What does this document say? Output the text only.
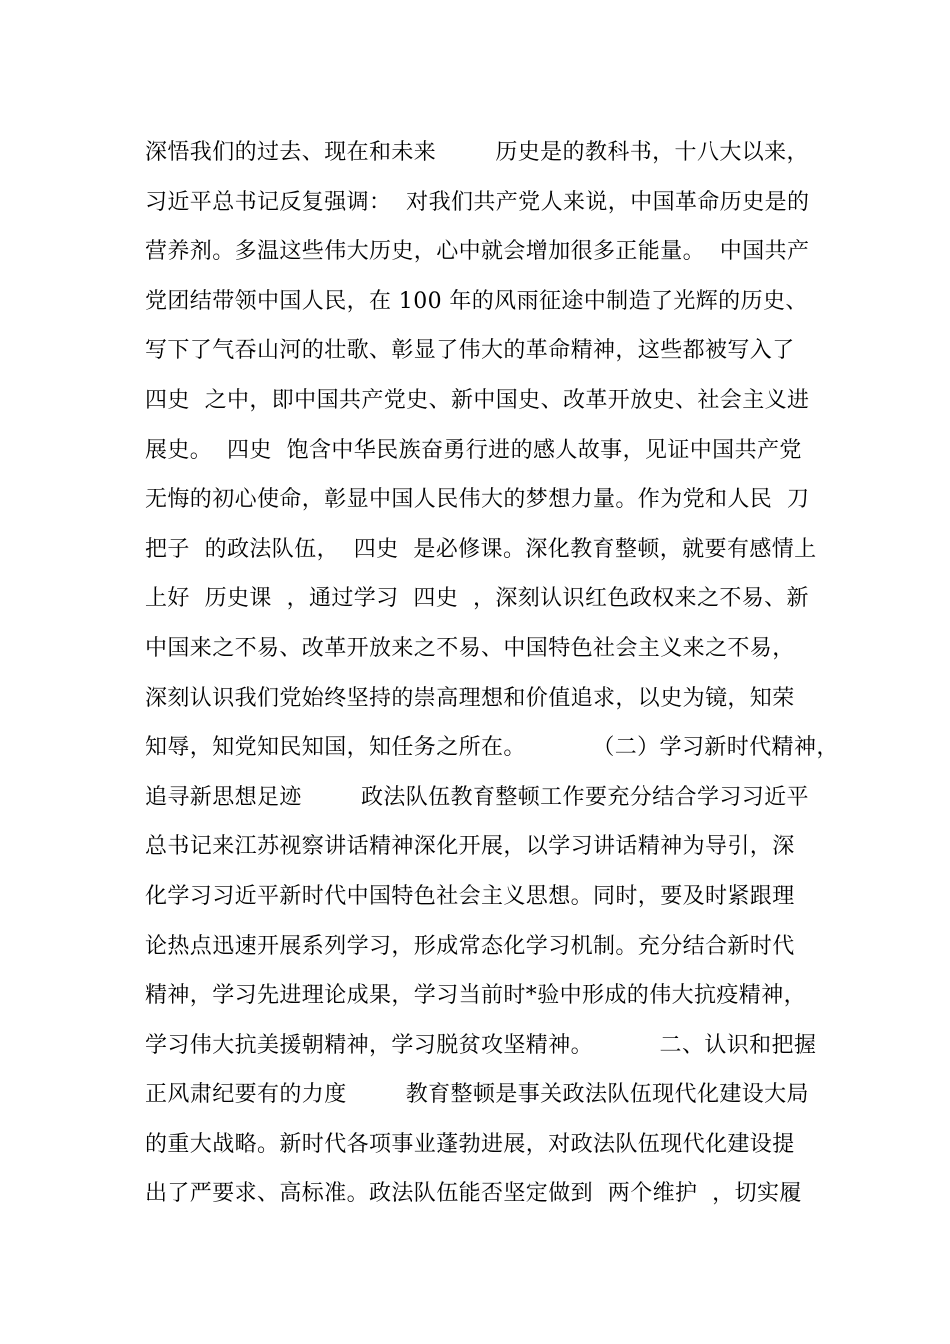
深悟我们的过去、现在和未来        历史是的教科书，十八大以来，
习近平总书记反复强调：  对我们共产党人来说，中国革命历史是的
营养剂。多温这些伟大历史，心中就会增加很多正能量。  中国共产
党团结带领中国人民，在 100 年的风雨征途中制造了光辉的历史、
写下了气吞山河的壮歌、彰显了伟大的革命精神，这些都被写入了
四史  之中，即中国共产党史、新中国史、改革开放史、社会主义进
展史。  四史  饱含中华民族奋勇行进的感人故事，见证中国共产党
无悔的初心使命，彰显中国人民伟大的梦想力量。作为党和人民  刀
把子  的政法队伍，  四史  是必修课。深化教育整顿，就要有感情上
上好  历史课  ，通过学习  四史  ，深刻认识红色政权来之不易、新
中国来之不易、改革开放来之不易、中国特色社会主义来之不易，
深刻认识我们党始终坚持的崇高理想和价值追求，以史为镜，知荣
知辱，知党知民知国，知任务之所在。         （二）学习新时代精神，
追寻新思想足迹        政法队伍教育整顿工作要充分结合学习习近平
总书记来江苏视察讲话精神深化开展，以学习讲话精神为导引，深
化学习习近平新时代中国特色社会主义思想。同时，要及时紧跟理
论热点迅速开展系列学习，形成常态化学习机制。充分结合新时代
精神，学习先进理论成果，学习当前时*验中形成的伟大抗疫精神，
学习伟大抗美援朝精神，学习脱贫攻坚精神。         二、认识和把握
正风肃纪要有的力度        教育整顿是事关政法队伍现代化建设大局
的重大战略。新时代各项事业蓬勃进展，对政法队伍现代化建设提
出了严要求、高标准。政法队伍能否坚定做到  两个维护  ，切实履
